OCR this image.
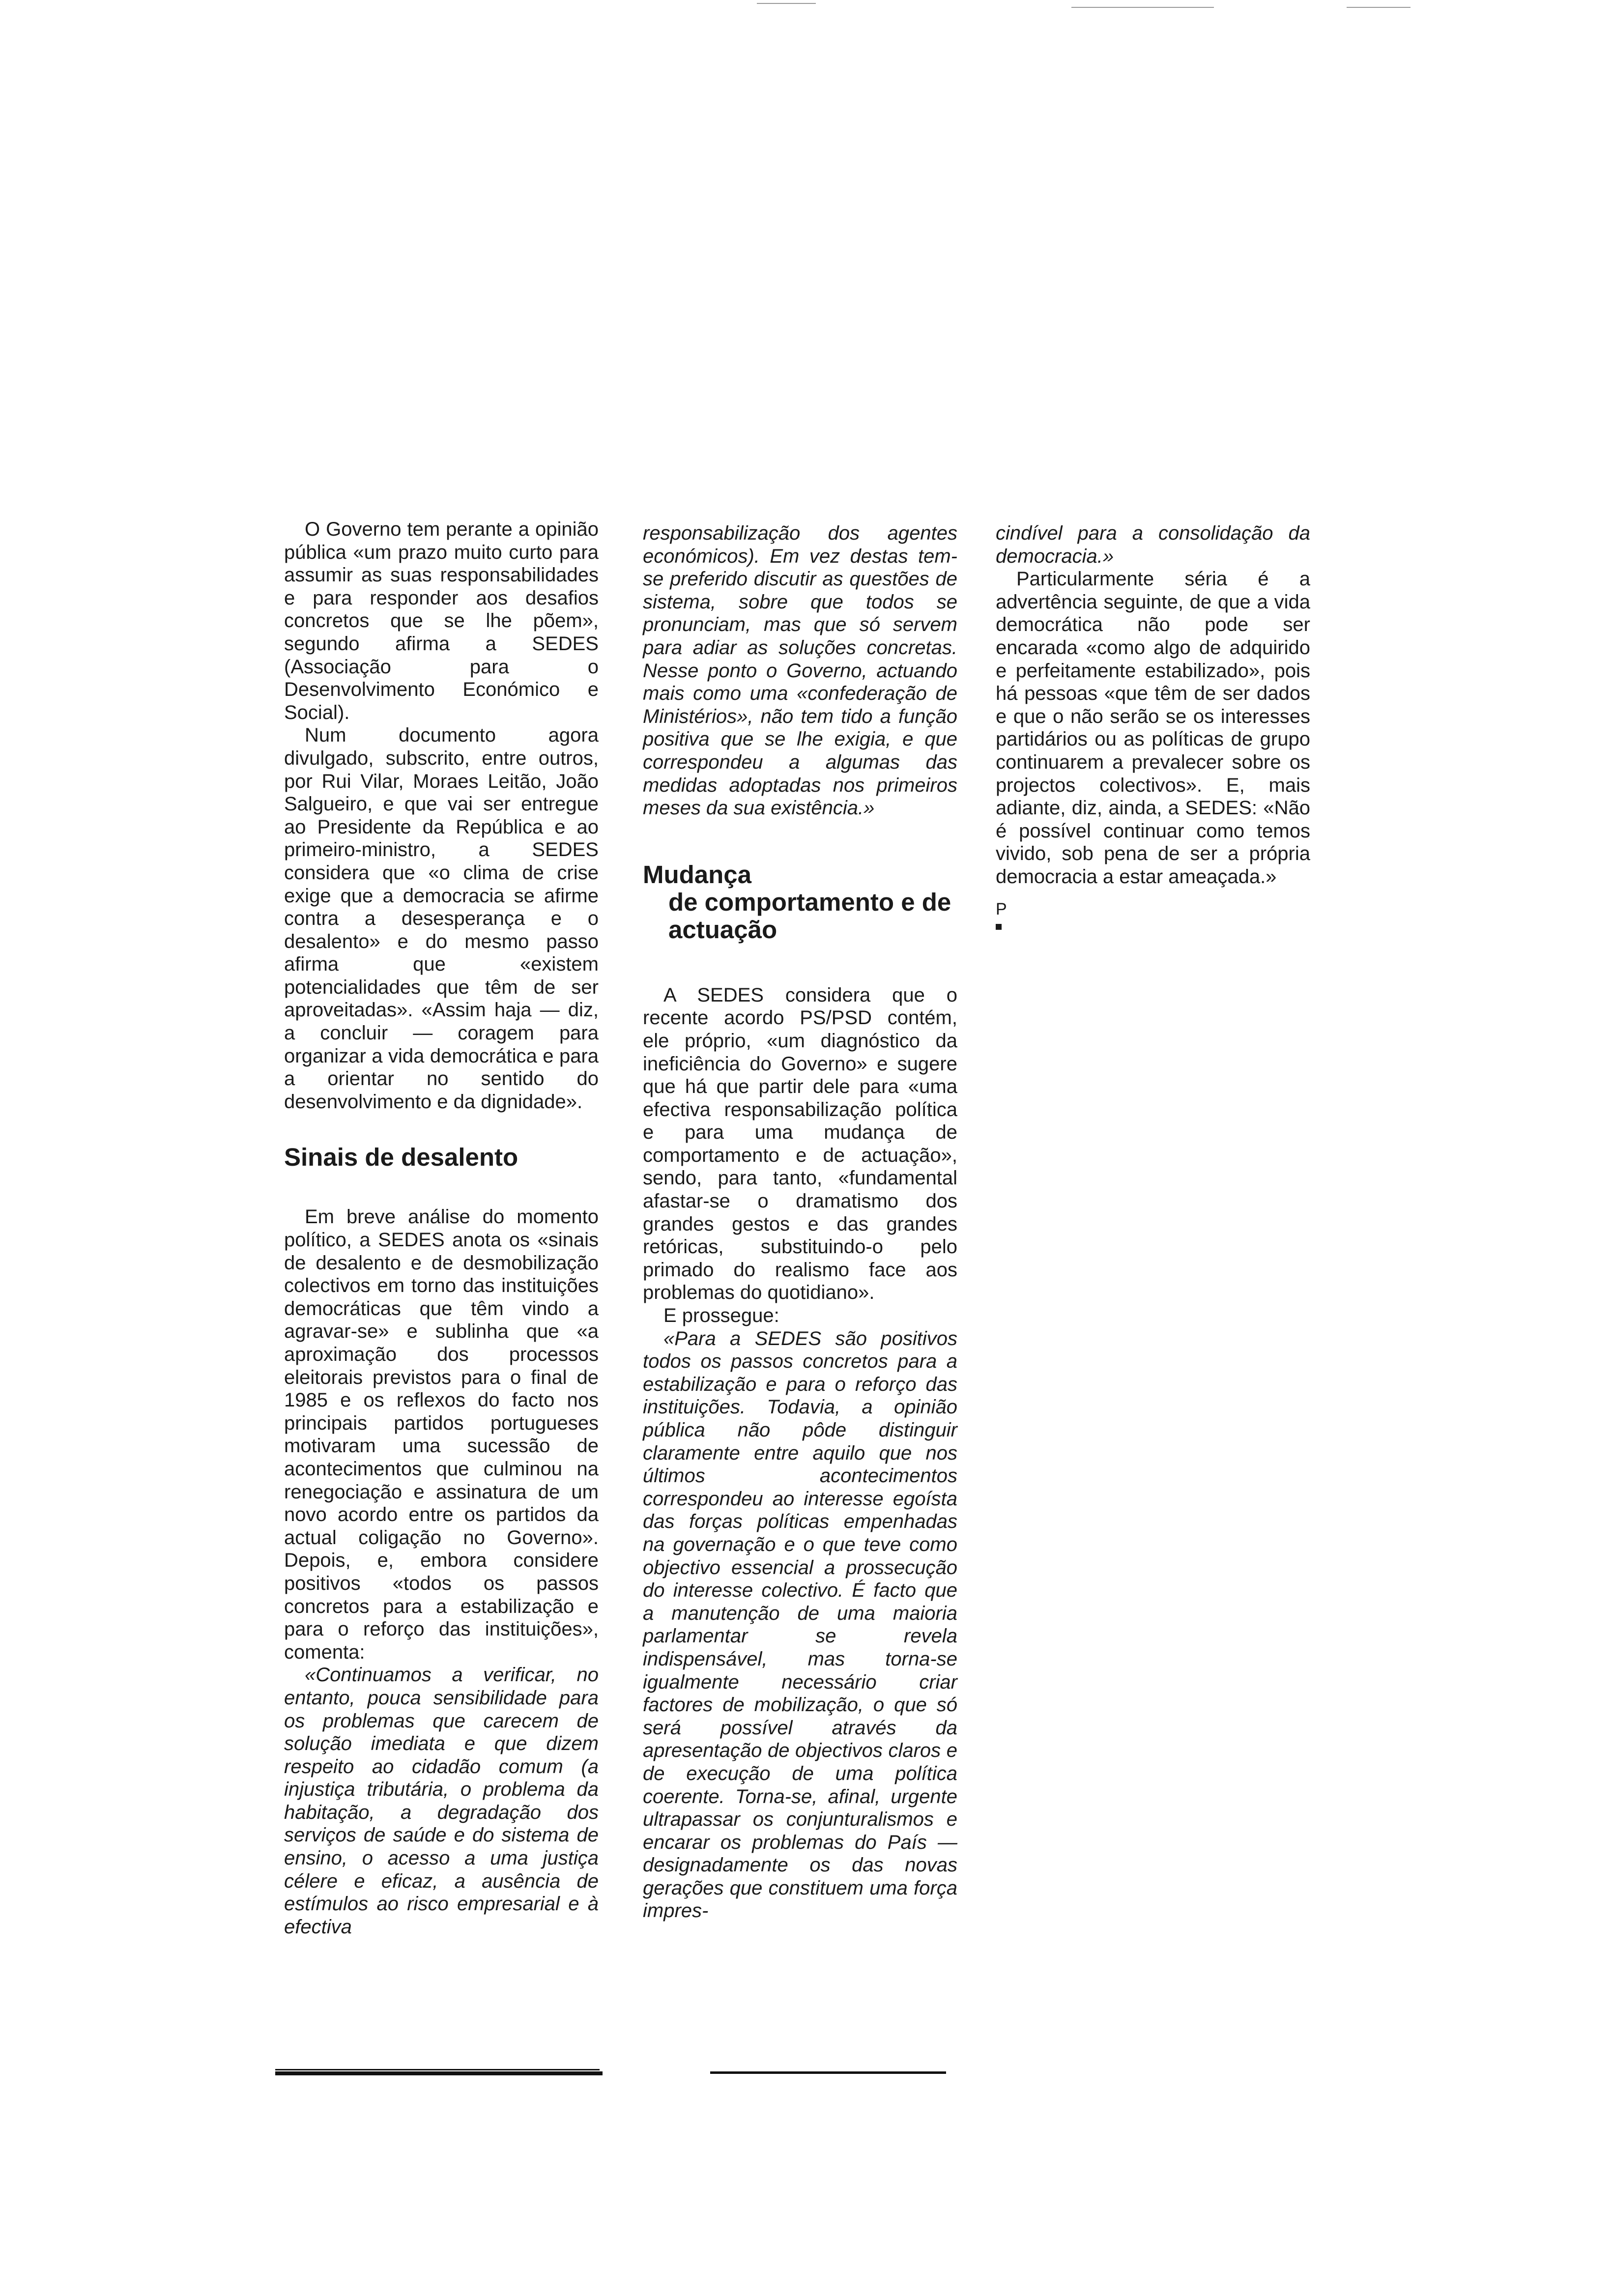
O Governo tem perante a opinião pública «um prazo muito curto para assumir as suas responsabilidades e para responder aos desafios concretos que se lhe põem», segundo afirma a SEDES (Associação para o Desenvolvimento Económico e Social).

Num documento agora divulgado, subscrito, entre outros, por Rui Vilar, Moraes Leitão, João Salgueiro, e que vai ser entregue ao Presidente da República e ao primeiro-ministro, a SEDES considera que «o clima de crise exige que a democracia se afirme contra a desesperança e o desalento» e do mesmo passo afirma que «existem potencialidades que têm de ser aproveitadas». «Assim haja — diz, a concluir — coragem para organizar a vida democrática e para a orientar no sentido do desenvolvimento e da dignidade».

Sinais de desalento

Em breve análise do momento político, a SEDES anota os «sinais de desalento e de desmobilização colectivos em torno das instituições democráticas que têm vindo a agravar-se» e sublinha que «a aproximação dos processos eleitorais previstos para o final de 1985 e os reflexos do facto nos principais partidos portugueses motivaram uma sucessão de acontecimentos que culminou na renegociação e assinatura de um novo acordo entre os partidos da actual coligação no Governo». Depois, e, embora considere positivos «todos os passos concretos para a estabilização e para o reforço das instituições», comenta:

«Continuamos a verificar, no entanto, pouca sensibilidade para os problemas que carecem de solução imediata e que dizem respeito ao cidadão comum (a injustiça tributária, o problema da habitação, a degradação dos serviços de saúde e do sistema de ensino, o acesso a uma justiça célere e eficaz, a ausência de estímulos ao risco empresarial e à efectiva

responsabilização dos agentes económicos). Em vez destas tem-se preferido discutir as questões de sistema, sobre que todos se pronunciam, mas que só servem para adiar as soluções concretas. Nesse ponto o Governo, actuando mais como uma «confederação de Ministérios», não tem tido a função positiva que se lhe exigia, e que correspondeu a algumas das medidas adoptadas nos primeiros meses da sua existência.»

Mudança
de comportamento e de actuação

A SEDES considera que o recente acordo PS/PSD contém, ele próprio, «um diagnóstico da ineficiência do Governo» e sugere que há que partir dele para «uma efectiva responsabilização política e para uma mudança de comportamento e de actuação», sendo, para tanto, «fundamental afastar-se o dramatismo dos grandes gestos e das grandes retóricas, substituindo-o pelo primado do realismo face aos problemas do quotidiano».

E prossegue:

«Para a SEDES são positivos todos os passos concretos para a estabilização e para o reforço das instituições. Todavia, a opinião pública não pôde distinguir claramente entre aquilo que nos últimos acontecimentos correspondeu ao interesse egoísta das forças políticas empenhadas na governação e o que teve como objectivo essencial a prossecução do interesse colectivo. É facto que a manutenção de uma maioria parlamentar se revela indispensável, mas torna-se igualmente necessário criar factores de mobilização, o que só será possível através da apresentação de objectivos claros e de execução de uma política coerente. Torna-se, afinal, urgente ultrapassar os conjunturalismos e encarar os problemas do País — designadamente os das novas gerações que constituem uma força impres-

cindível para a consolidação da democracia.»

Particularmente séria é a advertência seguinte, de que a vida democrática não pode ser encarada «como algo de adquirido e perfeitamente estabilizado», pois há pessoas «que têm de ser dados e que o não serão se os interesses partidários ou as políticas de grupo continuarem a prevalecer sobre os projectos colectivos». E, mais adiante, diz, ainda, a SEDES: «Não é possível continuar como temos vivido, sob pena de ser a própria democracia a estar ameaçada.»

P
